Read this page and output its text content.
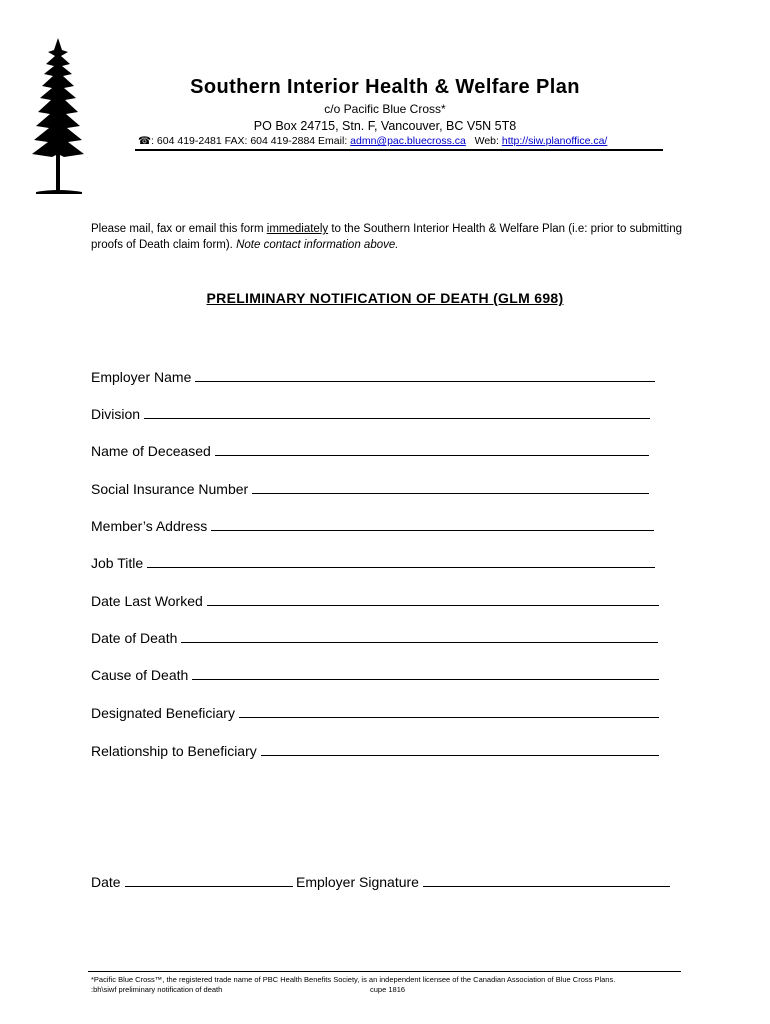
Southern Interior Health & Welfare Plan
c/o Pacific Blue Cross*
PO Box 24715, Stn. F, Vancouver, BC V5N 5T8
☎: 604 419-2481 FAX: 604 419-2884 Email: admn@pac.bluecross.ca   Web: http://siw.planoffice.ca/
Please mail, fax or email this form immediately to the Southern Interior Health & Welfare Plan (i.e: prior to submitting proofs of Death claim form). Note contact information above.
PRELIMINARY NOTIFICATION OF DEATH (GLM 698)
Employer Name
Division
Name of Deceased
Social Insurance Number
Member’s Address
Job Title
Date Last Worked
Date of Death
Cause of Death
Designated Beneficiary
Relationship to Beneficiary
Date	Employer Signature
*Pacific Blue Cross™, the registered trade name of PBC Health Benefits Society, is an independent licensee of the Canadian Association of Blue Cross Plans.
:bh\siwf preliminary notification of death	cupe 1816
